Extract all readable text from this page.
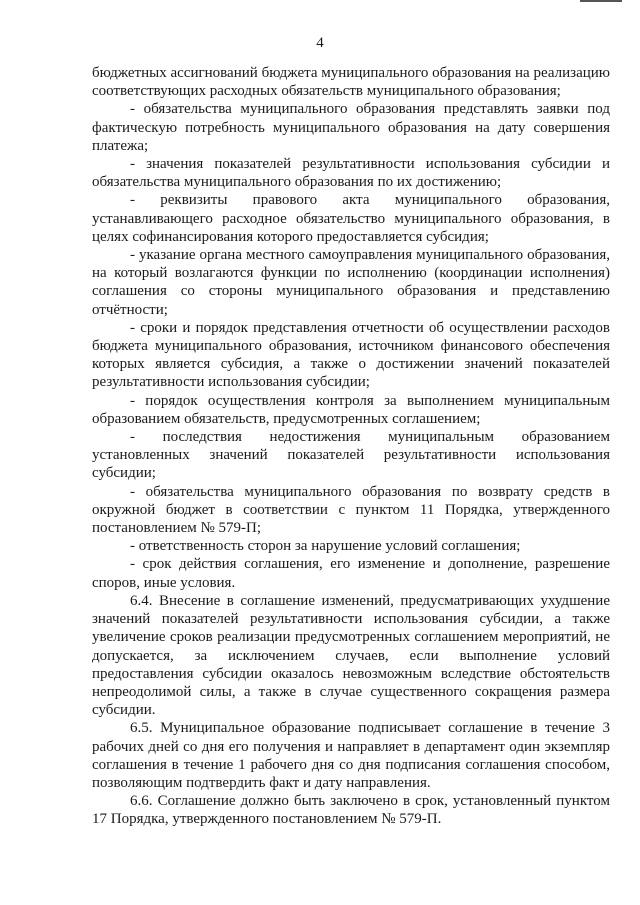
4

бюджетных ассигнований бюджета муниципального образования на реализацию соответствующих расходных обязательств муниципального образования;

- обязательства муниципального образования представлять заявки под фактическую потребность муниципального образования на дату совершения платежа;

- значения показателей результативности использования субсидии и обязательства муниципального образования по их достижению;

- реквизиты правового акта муниципального образования, устанавливающего расходное обязательство муниципального образования, в целях софинансирования которого предоставляется субсидия;

- указание органа местного самоуправления муниципального образования, на который возлагаются функции по исполнению (координации исполнения) соглашения со стороны муниципального образования и представлению отчётности;

- сроки и порядок представления отчетности об осуществлении расходов бюджета муниципального образования, источником финансового обеспечения которых является субсидия, а также о достижении значений показателей результативности использования субсидии;

- порядок осуществления контроля за выполнением муниципальным образованием обязательств, предусмотренных соглашением;

- последствия недостижения муниципальным образованием установленных значений показателей результативности использования субсидии;

- обязательства муниципального образования по возврату средств в окружной бюджет в соответствии с пунктом 11 Порядка, утвержденного постановлением № 579-П;

- ответственность сторон за нарушение условий соглашения;

- срок действия соглашения, его изменение и дополнение, разрешение споров, иные условия.

6.4. Внесение в соглашение изменений, предусматривающих ухудшение значений показателей результативности использования субсидии, а также увеличение сроков реализации предусмотренных соглашением мероприятий, не допускается, за исключением случаев, если выполнение условий предоставления субсидии оказалось невозможным вследствие обстоятельств непреодолимой силы, а также в случае существенного сокращения размера субсидии.

6.5. Муниципальное образование подписывает соглашение в течение 3 рабочих дней со дня его получения и направляет в департамент один экземпляр соглашения в течение 1 рабочего дня со дня подписания соглашения способом, позволяющим подтвердить факт и дату направления.

6.6. Соглашение должно быть заключено в срок, установленный пунктом 17 Порядка, утвержденного постановлением № 579-П.
